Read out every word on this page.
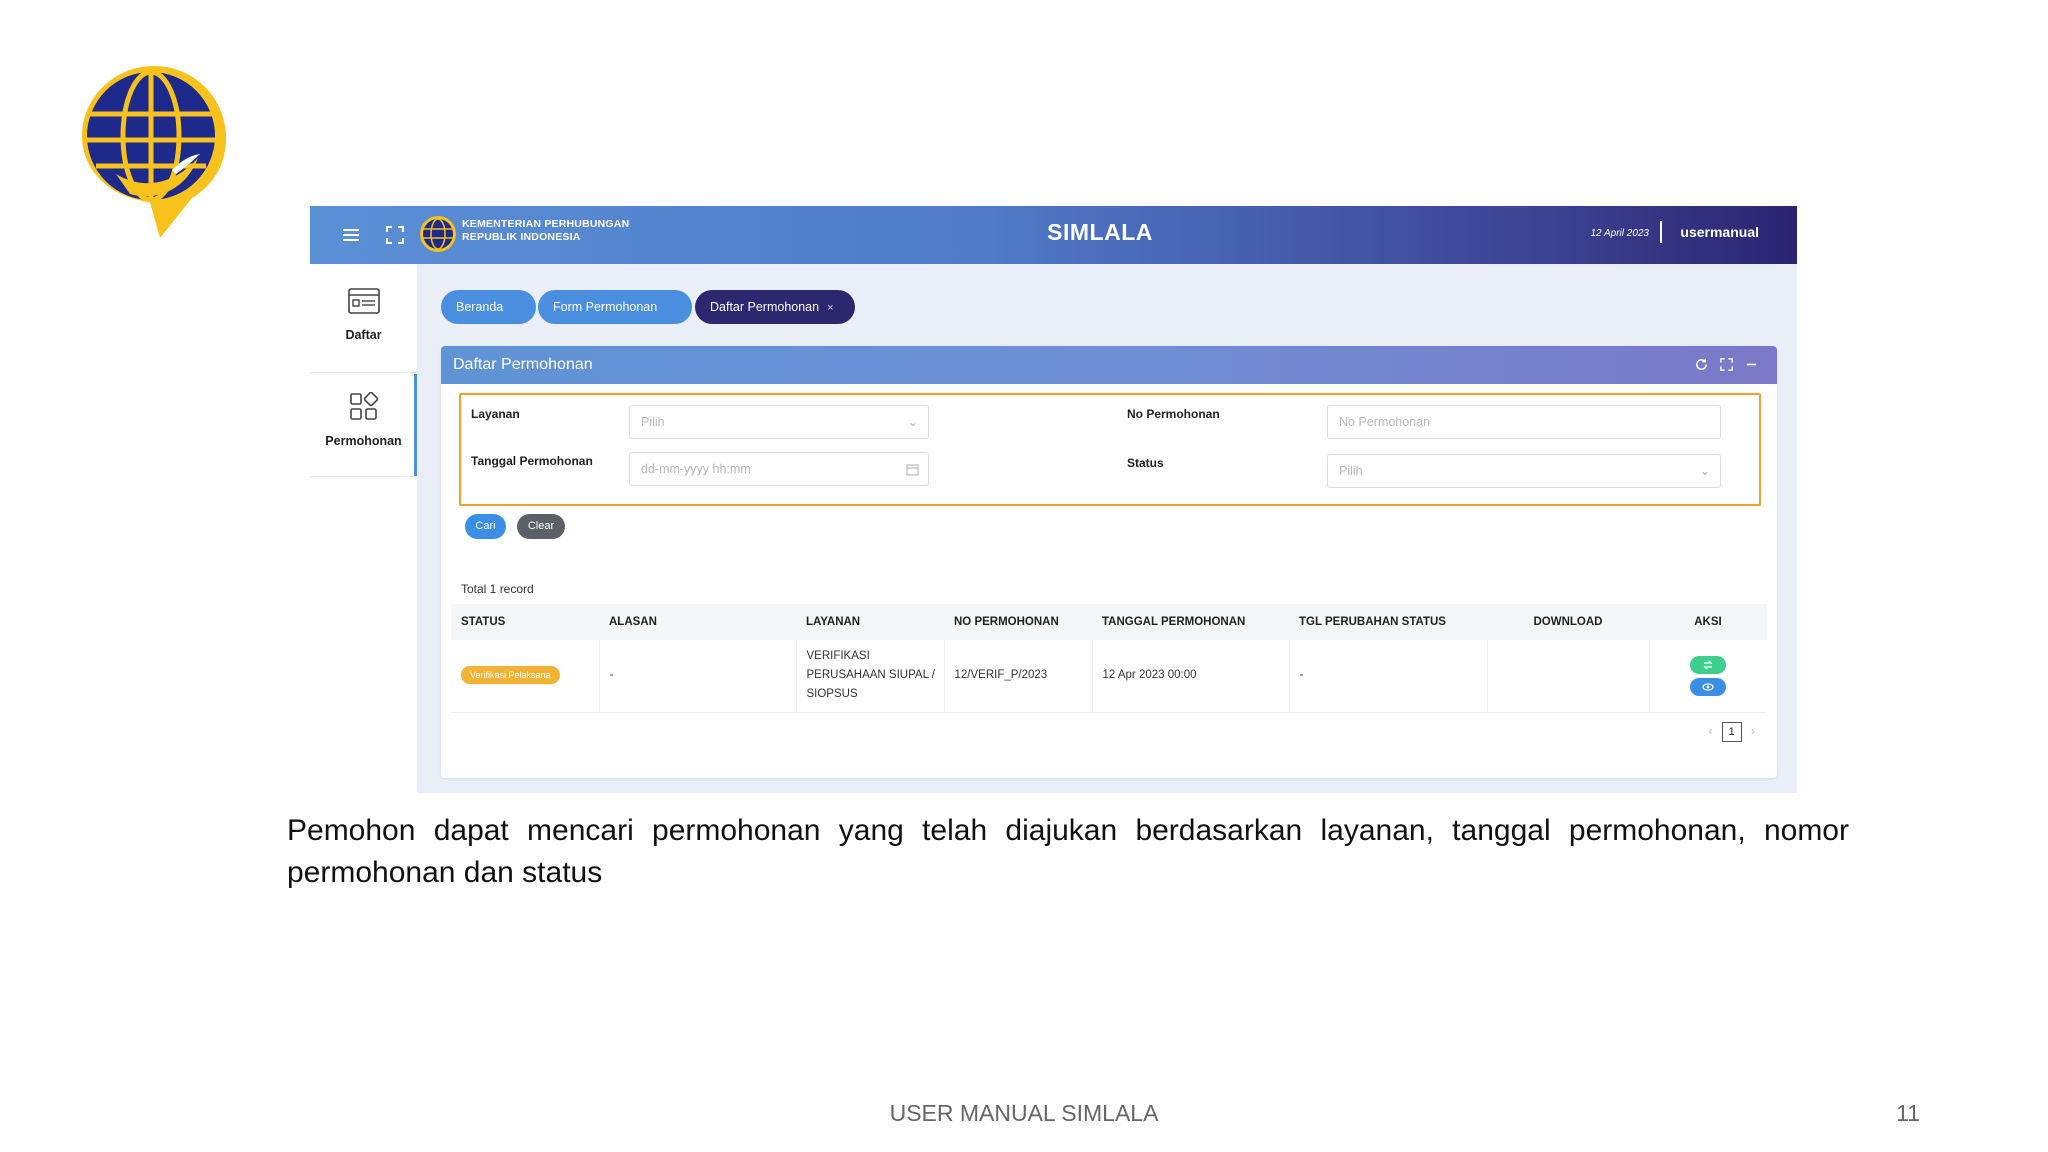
KEMENTERIAN PERHUBUNGAN
REPUBLIK INDONESIA	SIMLALA	12 April 2023 usermanual
Daftar
Permohonan
Beranda	Form Permohonan	Daftar Permohonan ×
Daftar Permohonan
Layanan
Pilih	⌄
Tanggal Permohonan
dd-mm-yyyy hh:mm
No Permohonan
No Permohonan
Status
Pilih	⌄
Cari	Clear
Total 1 record
STATUS	ALASAN	LAYANAN	NO PERMOHONAN	TANGGAL PERMOHONAN	TGL PERUBAHAN STATUS	DOWNLOAD	AKSI
Verifikasi Pelaksana	-	VERIFIKASI PERUSAHAAN SIUPAL / SIOPSUS	12/VERIF_P/2023	12 Apr 2023 00:00	-		
‹ 1 ›
Pemohon dapat mencari permohonan yang telah diajukan berdasarkan layanan, tanggal permohonan, nomor permohonan dan status
USER MANUAL SIMLALA	11
